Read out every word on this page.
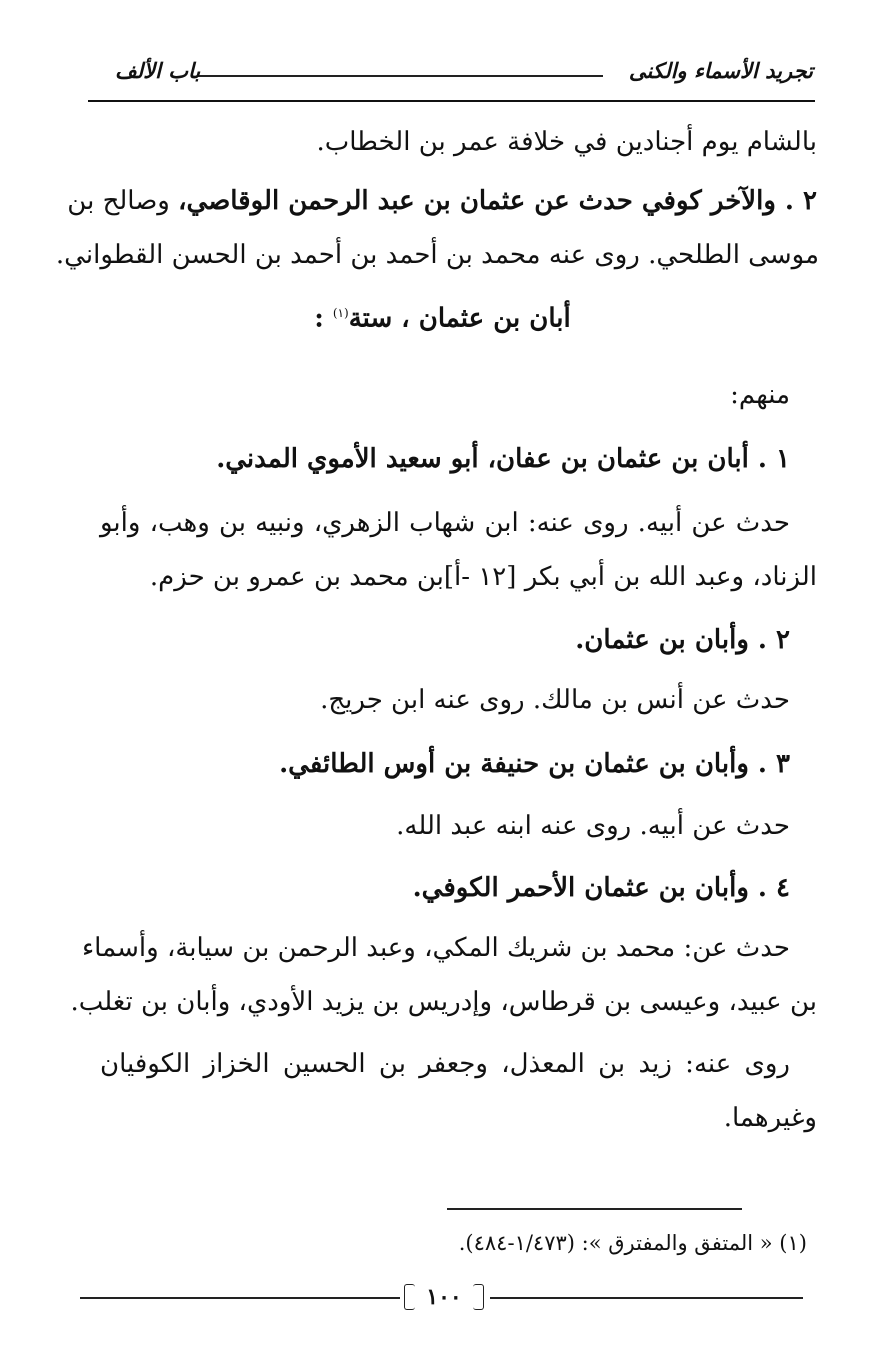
تجريد الأسماء والكنى
باب الألف
بالشام يوم أجنادين في خلافة عمر بن الخطاب.
٢ . والآخر كوفي حدث عن عثمان بن عبد الرحمن الوقاصي، وصالح بن
موسى الطلحي. روى عنه محمد بن أحمد بن أحمد بن الحسن القطواني.
أبان بن عثمان ، ستة$^{(١)}$ :
منهم:
١ . أبان بن عثمان بن عفان، أبو سعيد الأموي المدني.
حدث عن أبيه. روى عنه: ابن شهاب الزهري، ونبيه بن وهب، وأبو
الزناد، وعبد الله بن أبي بكر [١٢ -أ]بن محمد بن عمرو بن حزم.
٢ . وأبان بن عثمان.
حدث عن أنس بن مالك. روى عنه ابن جريج.
٣ . وأبان بن عثمان بن حنيفة بن أوس الطائفي.
حدث عن أبيه. روى عنه ابنه عبد الله.
٤ . وأبان بن عثمان الأحمر الكوفي.
حدث عن: محمد بن شريك المكي، وعبد الرحمن بن سيابة، وأسماء
بن عبيد، وعيسى بن قرطاس، وإدريس بن يزيد الأودي، وأبان بن تغلب.
روى عنه: زيد بن المعذل، وجعفر بن الحسين الخزاز الكوفيان
وغيرهما.
(١) « المتفق والمفترق »: (١/٤٧٣-٤٨٤).
١٠٠
